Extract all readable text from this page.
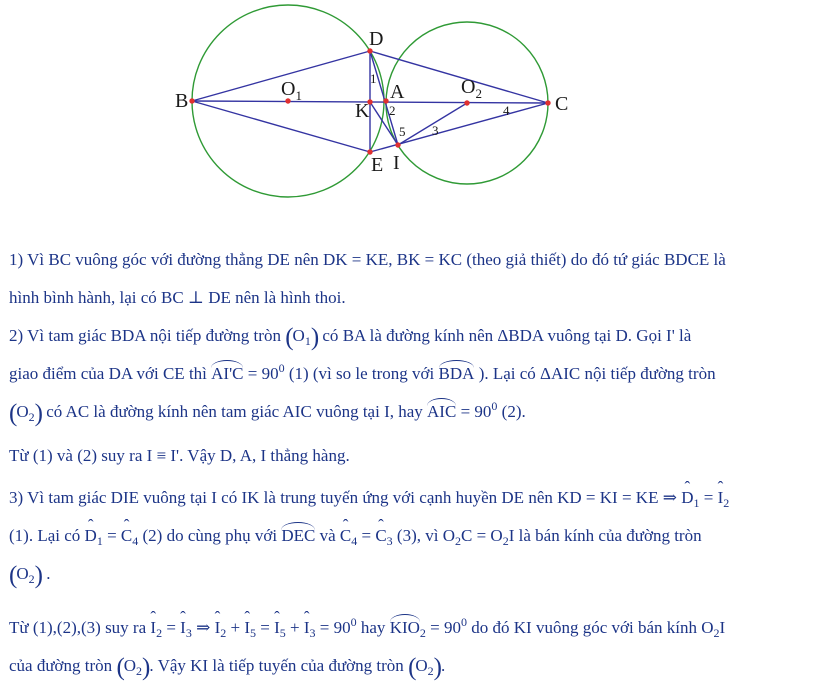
B	C
D
E
K
A
I
$O_1$	$O_2$
1
2
5 3
4
1) Vì BC vuông góc với đường thẳng DE nên DK = KE, BK = KC (theo giả thiết) do đó tứ giác BDCE là
hình bình hành, lại có BC ⊥ DE nên là hình thoi.
2) Vì tam giác BDA nội tiếp đường tròn $(O_1)$ có BA là đường kính nên ΔBDA vuông tại D. Gọi I' là
giao điểm của DA với CE thì $AI'C = 90^0$ (1) (vì so le trong với BDA ). Lại có ΔAIC nội tiếp đường tròn
$(O_2)$ có AC là đường kính nên tam giác AIC vuông tại I, hay AIC = $90^0$ (2).
Từ (1) và (2) suy ra I ≡ I'. Vậy D, A, I thẳng hàng.
3) Vì tam giác DIE vuông tại I có IK là trung tuyến ứng với cạnh huyền DE nên KD = KI = KE ⇒ ˆ $D_1$ = ˆ $I_2$
(1). Lại có ˆ $D_1$ = ˆ $C_4$ (2) do cùng phụ với DEC và ˆ $C_4$ = ˆ $C_3$ (3), vì $O_2C = O_2I$ là bán kính của đường tròn
$(O_2)$ .
Từ (1),(2),(3) suy ra ˆ $I_2$ = ˆ $I_3$ ⇒ ˆ $I_2$ + ˆ $I_5$ = ˆ $I_5$ + ˆ $I_3 = 90^0$ hay $KIO_2 = 90^0$ do đó KI vuông góc với bán kính $O_2I$
của đường tròn $(O_2)$. Vậy KI là tiếp tuyến của đường tròn $(O_2)$.
